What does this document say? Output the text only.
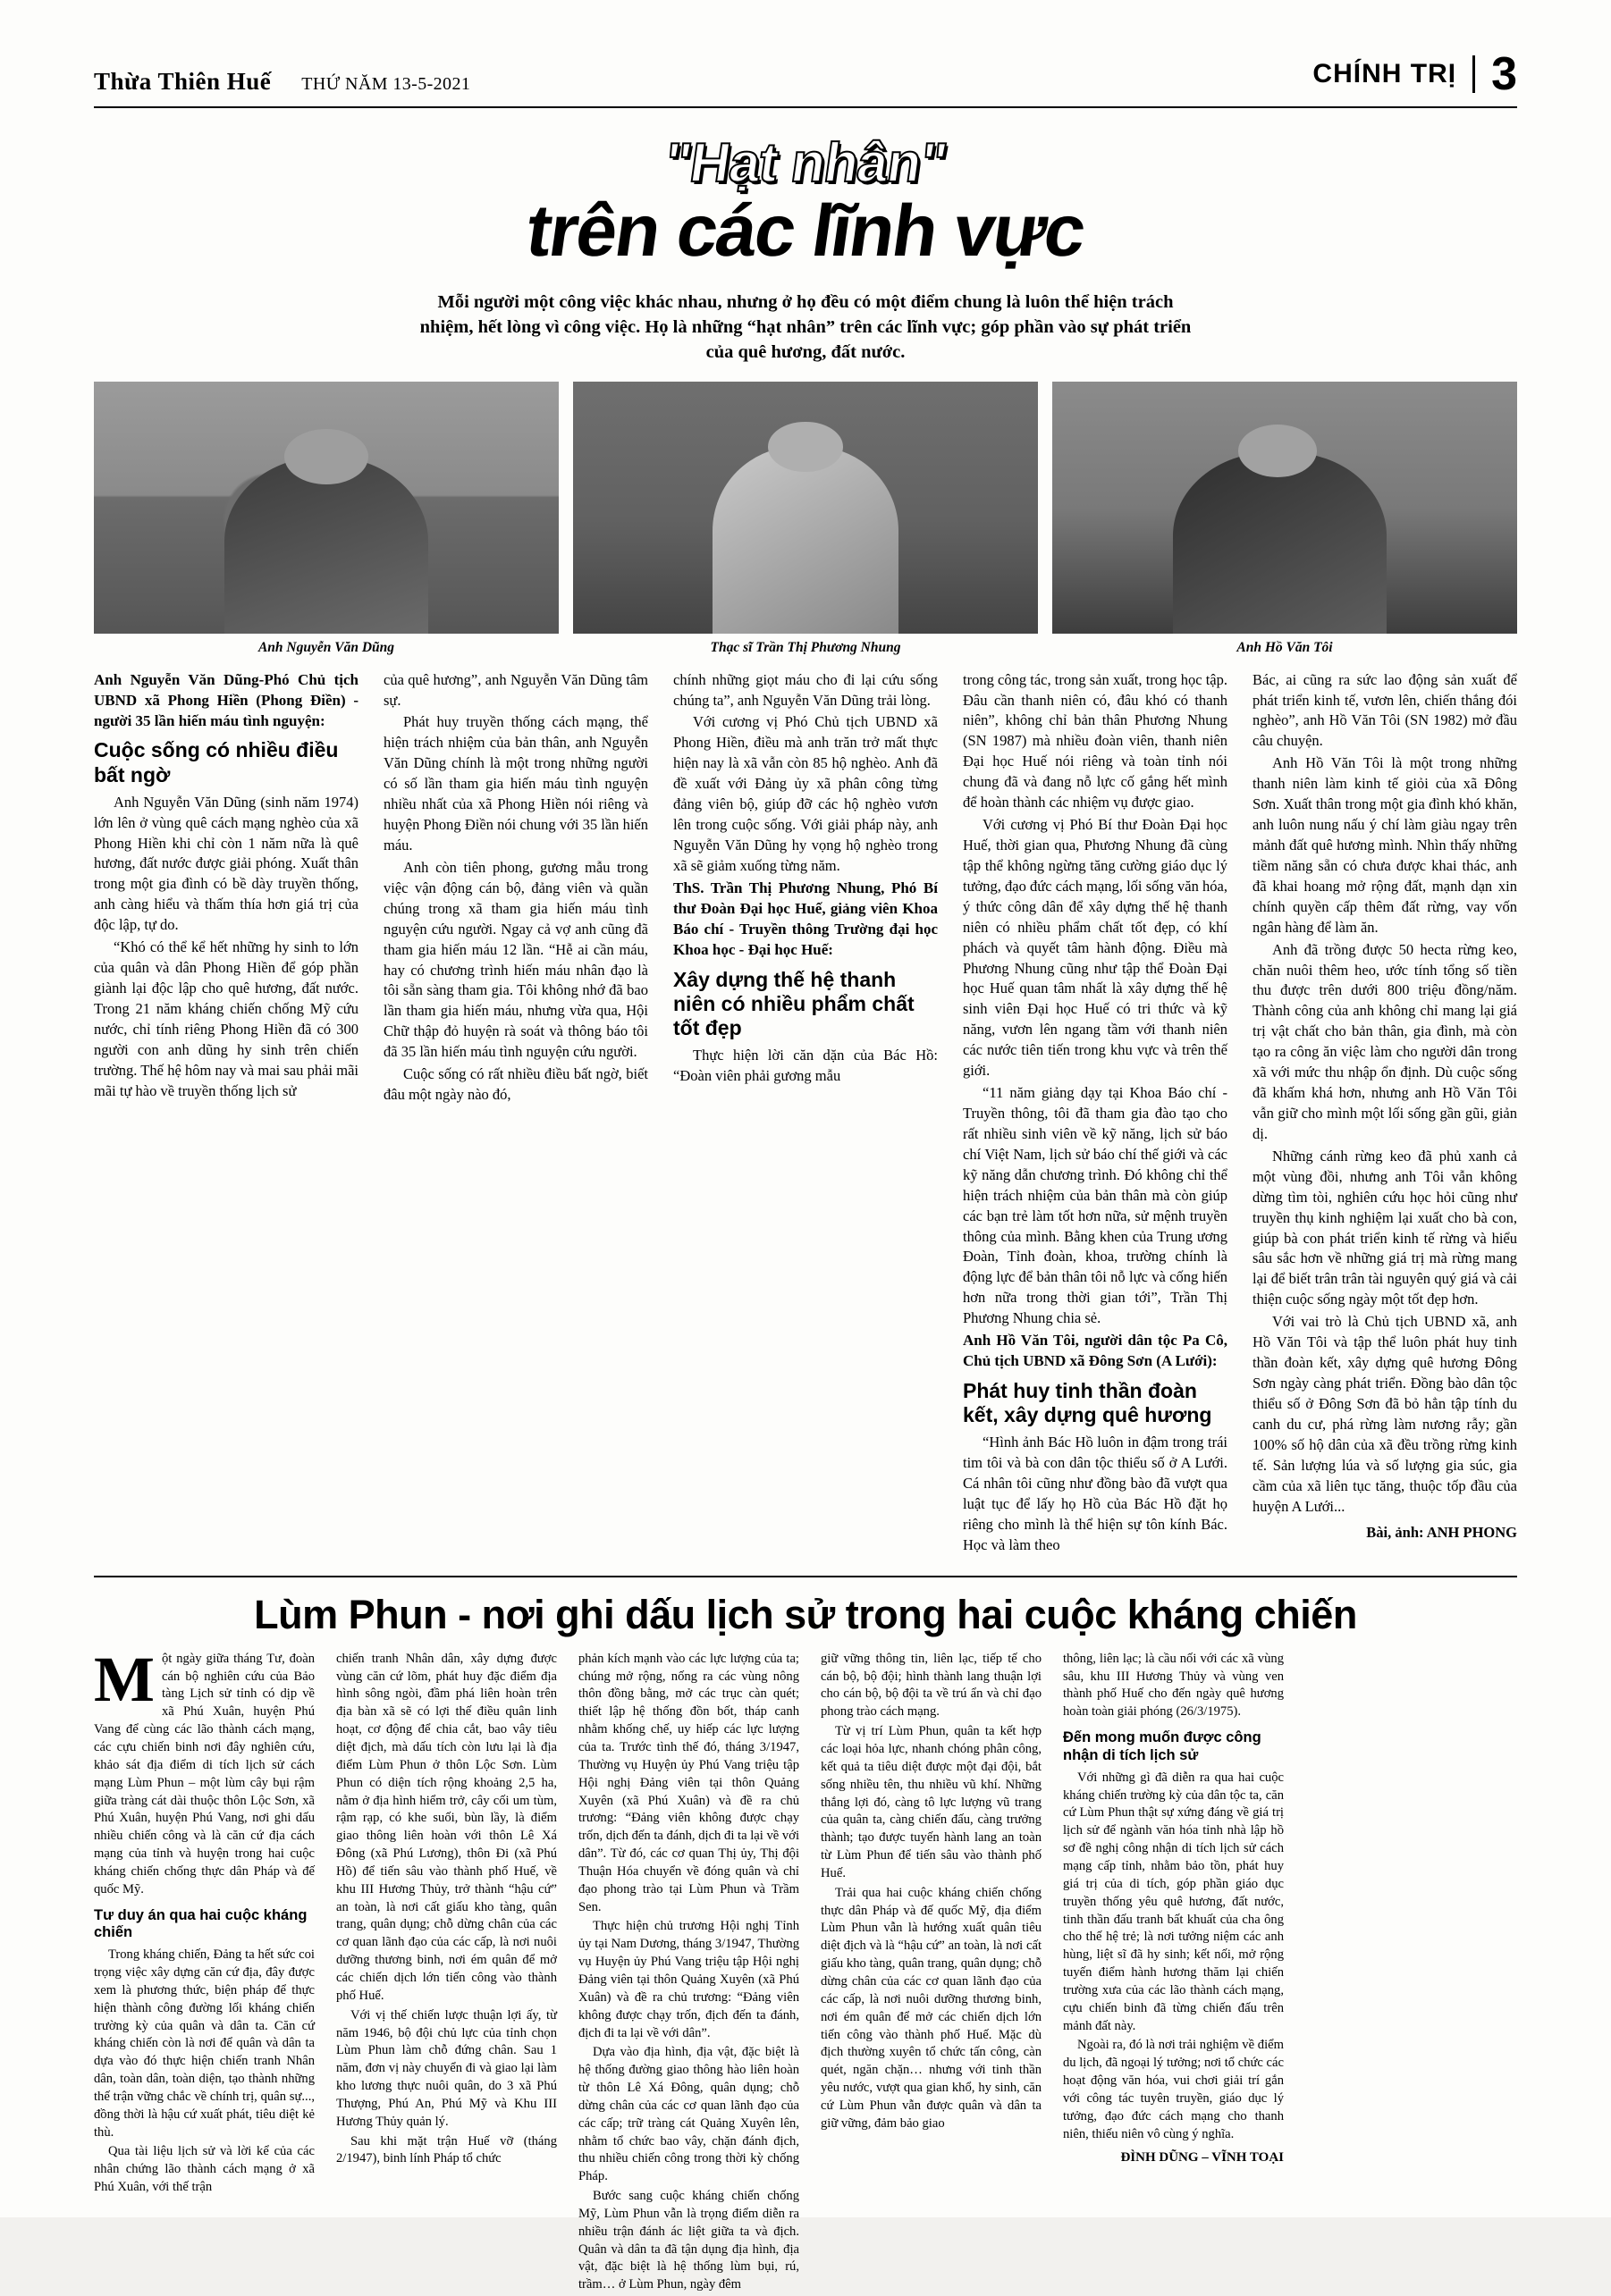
Thừa Thiên Huế THỨ NĂM 13-5-2021	CHÍNH TRỊ 3
"Hạt nhân"
trên các lĩnh vực
Mỗi người một công việc khác nhau, nhưng ở họ đều có một điểm chung là luôn thể hiện trách nhiệm, hết lòng vì công việc. Họ là những “hạt nhân” trên các lĩnh vực; góp phần vào sự phát triển của quê hương, đất nước.
Anh Nguyễn Văn Dũng	Thạc sĩ Trần Thị Phương Nhung	Anh Hồ Văn Tôi
Anh Nguyễn Văn Dũng-Phó Chủ tịch UBND xã Phong Hiền (Phong Điền) - người 35 lần hiến máu tình nguyện:
Cuộc sống có nhiều điều bất ngờ

Anh Nguyễn Văn Dũng (sinh năm 1974) lớn lên ở vùng quê cách mạng nghèo của xã Phong Hiền khi chỉ còn 1 năm nữa là quê hương, đất nước được giải phóng. Xuất thân trong một gia đình có bề dày truyền thống, anh càng hiểu và thấm thía hơn giá trị của độc lập, tự do.

“Khó có thể kể hết những hy sinh to lớn của quân và dân Phong Hiền để góp phần giành lại độc lập cho quê hương, đất nước. Trong 21 năm kháng chiến chống Mỹ cứu nước, chỉ tính riêng Phong Hiền đã có 300 người con anh dũng hy sinh trên chiến trường. Thế hệ hôm nay và mai sau phải mãi mãi tự hào về truyền thống lịch sử

của quê hương”, anh Nguyễn Văn Dũng tâm sự.

Phát huy truyền thống cách mạng, thể hiện trách nhiệm của bản thân, anh Nguyễn Văn Dũng chính là một trong những người có số lần tham gia hiến máu tình nguyện nhiều nhất của xã Phong Hiền nói riêng và huyện Phong Điền nói chung với 35 lần hiến máu.

Anh còn tiên phong, gương mẫu trong việc vận động cán bộ, đảng viên và quần chúng trong xã tham gia hiến máu tình nguyện cứu người. Ngay cả vợ anh cũng đã tham gia hiến máu 12 lần. “Hễ ai cần máu, hay có chương trình hiến máu nhân đạo là tôi sẵn sàng tham gia. Tôi không nhớ đã bao lần tham gia hiến máu, nhưng vừa qua, Hội Chữ thập đỏ huyện rà soát và thông báo tôi đã 35 lần hiến máu tình nguyện cứu người.

Cuộc sống có rất nhiều điều bất ngờ, biết đâu một ngày nào đó,

chính những giọt máu cho đi lại cứu sống chúng ta”, anh Nguyễn Văn Dũng trải lòng.

Với cương vị Phó Chủ tịch UBND xã Phong Hiền, điều mà anh trăn trở mất thực hiện nay là xã vẫn còn 85 hộ nghèo. Anh đã đề xuất với Đảng ủy xã phân công từng đảng viên bộ, giúp đỡ các hộ nghèo vươn lên trong cuộc sống. Với giải pháp này, anh Nguyễn Văn Dũng hy vọng hộ nghèo trong xã sẽ giảm xuống từng năm.

ThS. Trần Thị Phương Nhung, Phó Bí thư Đoàn Đại học Huế, giảng viên Khoa Báo chí - Truyền thông Trường đại học Khoa học - Đại học Huế:
Xây dựng thế hệ thanh niên có nhiều phẩm chất tốt đẹp

Thực hiện lời căn dặn của Bác Hồ: “Đoàn viên phải gương mẫu

trong công tác, trong sản xuất, trong học tập. Đâu cần thanh niên có, đâu khó có thanh niên”, không chỉ bản thân Phương Nhung (SN 1987) mà nhiều đoàn viên, thanh niên Đại học Huế nói riêng và toàn tỉnh nói chung đã và đang nỗ lực cố gắng hết mình để hoàn thành các nhiệm vụ được giao.

Với cương vị Phó Bí thư Đoàn Đại học Huế, thời gian qua, Phương Nhung đã cùng tập thể không ngừng tăng cường giáo dục lý tưởng, đạo đức cách mạng, lối sống văn hóa, ý thức công dân để xây dựng thế hệ thanh niên có nhiều phẩm chất tốt đẹp, có khí phách và quyết tâm hành động. Điều mà Phương Nhung cũng như tập thể Đoàn Đại học Huế quan tâm nhất là xây dựng thế hệ sinh viên Đại học Huế có tri thức và kỹ năng, vươn lên ngang tầm với thanh niên các nước tiên tiến trong khu vực và trên thế giới.

“11 năm giảng dạy tại Khoa Báo chí - Truyền thông, tôi đã tham gia đào tạo cho rất nhiều sinh viên về kỹ năng, lịch sử báo chí Việt Nam, lịch sử báo chí thế giới và các kỹ năng dẫn chương trình. Đó không chỉ thể hiện trách nhiệm của bản thân mà còn giúp các bạn trẻ làm tốt hơn nữa, sử mệnh truyền thông của mình. Bằng khen của Trung ương Đoàn, Tỉnh đoàn, khoa, trường chính là động lực để bản thân tôi nỗ lực và cống hiến hơn nữa trong thời gian tới”, Trần Thị Phương Nhung chia sẻ.

Anh Hồ Văn Tôi, người dân tộc Pa Cô, Chủ tịch UBND xã Đông Sơn (A Lưới):
Phát huy tinh thần đoàn kết, xây dựng quê hương

“Hình ảnh Bác Hồ luôn in đậm trong trái tim tôi và bà con dân tộc thiểu số ở A Lưới. Cá nhân tôi cũng như đồng bào đã vượt qua luật tục để lấy họ Hồ của Bác Hồ đặt họ riêng cho mình là thể hiện sự tôn kính Bác. Học và làm theo

Bác, ai cũng ra sức lao động sản xuất để phát triển kinh tế, vươn lên, chiến thắng đói nghèo”, anh Hồ Văn Tôi (SN 1982) mở đầu câu chuyện.

Anh Hồ Văn Tôi là một trong những thanh niên làm kinh tế giỏi của xã Đông Sơn. Xuất thân trong một gia đình khó khăn, anh luôn nung nấu ý chí làm giàu ngay trên mảnh đất quê hương mình. Nhìn thấy những tiềm năng sẵn có chưa được khai thác, anh đã khai hoang mở rộng đất, mạnh dạn xin chính quyền cấp thêm đất rừng, vay vốn ngân hàng để làm ăn.

Anh đã trồng được 50 hecta rừng keo, chăn nuôi thêm heo, ước tính tổng số tiền thu được trên dưới 800 triệu đồng/năm. Thành công của anh không chỉ mang lại giá trị vật chất cho bản thân, gia đình, mà còn tạo ra công ăn việc làm cho người dân trong xã với mức thu nhập ổn định. Dù cuộc sống đã khấm khá hơn, nhưng anh Hồ Văn Tôi vẫn giữ cho mình một lối sống gần gũi, giản dị.

Những cánh rừng keo đã phủ xanh cả một vùng đồi, nhưng anh Tôi vẫn không dừng tìm tòi, nghiên cứu học hỏi cũng như truyền thụ kinh nghiệm lại xuất cho bà con, giúp bà con phát triển kinh tế rừng và hiểu sâu sắc hơn về những giá trị mà rừng mang lại để biết trân trân tài nguyên quý giá và cải thiện cuộc sống ngày một tốt đẹp hơn.

Với vai trò là Chủ tịch UBND xã, anh Hồ Văn Tôi và tập thể luôn phát huy tinh thần đoàn kết, xây dựng quê hương Đông Sơn ngày càng phát triển. Đồng bào dân tộc thiểu số ở Đông Sơn đã bỏ hẳn tập tính du canh du cư, phá rừng làm nương rẫy; gần 100% số hộ dân của xã đều trồng rừng kinh tế. Sản lượng lúa và số lượng gia súc, gia cầm của xã liên tục tăng, thuộc tốp đầu của huyện A Lưới...

Bài, ảnh: ANH PHONG
Lùm Phun - nơi ghi dấu lịch sử trong hai cuộc kháng chiến

Một ngày giữa tháng Tư, đoàn cán bộ nghiên cứu của Bảo tàng Lịch sử tỉnh có dịp về xã Phú Xuân, huyện Phú Vang để cùng các lão thành cách mạng, các cựu chiến binh nơi đây nghiên cứu, khảo sát địa điểm di tích lịch sử cách mạng Lùm Phun – một lùm cây bụi rậm giữa tràng cát dài thuộc thôn Lộc Sơn, xã Phú Xuân, huyện Phú Vang, nơi ghi dấu nhiều chiến công và là căn cứ địa cách mạng của tỉnh và huyện trong hai cuộc kháng chiến chống thực dân Pháp và đế quốc Mỹ.

Tư duy án qua hai cuộc kháng chiến

Trong kháng chiến, Đảng ta hết sức coi trọng việc xây dựng căn cứ địa, đây được xem là phương thức, biện pháp để thực hiện thành công đường lối kháng chiến trường kỳ của quân và dân ta. Căn cứ kháng chiến còn là nơi để quân và dân ta dựa vào đó thực hiện chiến tranh Nhân dân, toàn dân, toàn diện, tạo thành những thế trận vững chắc về chính trị, quân sự..., đồng thời là hậu cứ xuất phát, tiêu diệt kẻ thù.

Qua tài liệu lịch sử và lời kể của các nhân chứng lão thành cách mạng ở xã Phú Xuân, với thế trận

chiến tranh Nhân dân, xây dựng được vùng căn cứ lõm, phát huy đặc điểm địa hình sông ngòi, đầm phá liên hoàn trên địa bàn xã sẽ có lợi thế điều quân linh hoạt, cơ động để chia cắt, bao vây tiêu diệt địch, mà dấu tích còn lưu lại là địa điểm Lùm Phun ở thôn Lộc Sơn. Lùm Phun có diện tích rộng khoảng 2,5 ha, nằm ở địa hình hiểm trở, cây cối um tùm, rậm rạp, có khe suối, bùn lầy, là điểm giao thông liên hoàn với thôn Lê Xá Đông (xã Phú Lương), thôn Đi (xã Phú Hồ) để tiến sâu vào thành phố Huế, về khu III Hương Thủy, trở thành “hậu cứ” an toàn, là nơi cất giấu kho tàng, quân trang, quân dụng; chỗ dừng chân của các cơ quan lãnh đạo của các cấp, là nơi nuôi dưỡng thương binh, nơi ém quân để mở các chiến dịch lớn tiến công vào thành phố Huế.

Với vị thế chiến lược thuận lợi ấy, từ năm 1946, bộ đội chủ lực của tỉnh chọn Lùm Phun làm chỗ đứng chân. Sau 1 năm, đơn vị này chuyển đi và giao lại làm kho lương thực nuôi quân, do 3 xã Phú Thượng, Phú An, Phú Mỹ và Khu III Hương Thủy quản lý.

Sau khi mặt trận Huế vỡ (tháng 2/1947), binh lính Pháp tổ chức

phản kích mạnh vào các lực lượng của ta; chúng mở rộng, nống ra các vùng nông thôn đồng bằng, mở các trục càn quét; thiết lập hệ thống đồn bốt, tháp canh nhằm khống chế, uy hiếp các lực lượng của ta. Trước tình thế đó, tháng 3/1947, Thường vụ Huyện ủy Phú Vang triệu tập Hội nghị Đảng viên tại thôn Quảng Xuyên (xã Phú Xuân) và đề ra chủ trương: “Đảng viên không được chạy trốn, dịch đến ta đánh, dịch đi ta lại về với dân”. Từ đó, các cơ quan Thị ủy, Thị đội Thuận Hóa chuyển về đóng quân và chỉ đạo phong trào tại Lùm Phun và Trầm Sen.

Thực hiện chủ trương Hội nghị Tỉnh ủy tại Nam Dương, tháng 3/1947, Thường vụ Huyện ủy Phú Vang triệu tập Hội nghị Đảng viên tại thôn Quảng Xuyên (xã Phú Xuân) và đề ra chủ trương: “Đảng viên không được chạy trốn, địch đến ta đánh, địch đi ta lại về với dân”.

Dựa vào địa hình, địa vật, đặc biệt là hệ thống đường giao thông hào liên hoàn từ thôn Lê Xá Đông, quân dụng; chỗ dừng chân của các cơ quan lãnh đạo của các cấp; trữ tràng cát Quảng Xuyên lên, nhằm tổ chức bao vây, chặn đánh địch, thu nhiều chiến công trong thời kỳ chống Pháp.

Bước sang cuộc kháng chiến chống Mỹ, Lùm Phun vẫn là trọng điểm diễn ra nhiều trận đánh ác liệt giữa ta và địch. Quân và dân ta đã tận dụng địa hình, địa vật, đặc biệt là hệ thống lùm bụi, rú, trầm… ở Lùm Phun, ngày đêm

giữ vững thông tin, liên lạc, tiếp tế cho cán bộ, bộ đội; hình thành lang thuận lợi cho cán bộ, bộ đội ta về trú ẩn và chỉ đạo phong trào cách mạng.

Từ vị trí Lùm Phun, quân ta kết hợp các loại hỏa lực, nhanh chóng phân công, kết quả ta tiêu diệt được một đại đội, bắt sống nhiều tên, thu nhiều vũ khí. Những thắng lợi đó, càng tô lực lượng vũ trang của quân ta, càng chiến đấu, càng trưởng thành; tạo được tuyến hành lang an toàn từ Lùm Phun để tiến sâu vào thành phố Huế.

Trải qua hai cuộc kháng chiến chống thực dân Pháp và đế quốc Mỹ, địa điểm Lùm Phun vẫn là hướng xuất quân tiêu diệt địch và là “hậu cứ” an toàn, là nơi cất giấu kho tàng, quân trang, quân dụng; chỗ dừng chân của các cơ quan lãnh đạo của các cấp, là nơi nuôi dưỡng thương binh, nơi ém quân để mở các chiến dịch lớn tiến công vào thành phố Huế. Mặc dù địch thường xuyên tổ chức tấn công, càn quét, ngăn chặn… nhưng với tinh thần yêu nước, vượt qua gian khổ, hy sinh, căn cứ Lùm Phun vẫn được quân và dân ta giữ vững, đảm bảo giao

thông, liên lạc; là cầu nối với các xã vùng sâu, khu III Hương Thủy và vùng ven thành phố Huế cho đến ngày quê hương hoàn toàn giải phóng (26/3/1975).

Đến mong muốn được công nhận di tích lịch sử

Với những gì đã diễn ra qua hai cuộc kháng chiến trường kỳ của dân tộc ta, căn cứ Lùm Phun thật sự xứng đáng về giá trị lịch sử để ngành văn hóa tỉnh nhà lập hồ sơ đề nghị công nhận di tích lịch sử cách mạng cấp tỉnh, nhằm bảo tồn, phát huy giá trị của di tích, góp phần giáo dục truyền thống yêu quê hương, đất nước, tinh thần đấu tranh bất khuất của cha ông cho thế hệ trẻ; là nơi tưởng niệm các anh hùng, liệt sĩ đã hy sinh; kết nối, mở rộng tuyến điểm hành hương thăm lại chiến trường xưa của các lão thành cách mạng, cựu chiến binh đã từng chiến đấu trên mảnh đất này.

Ngoài ra, đó là nơi trải nghiệm về điểm du lịch, đã ngoại lý tưởng; nơi tổ chức các hoạt động văn hóa, vui chơi giải trí gắn với công tác tuyên truyền, giáo dục lý tưởng, đạo đức cách mạng cho thanh niên, thiếu niên vô cùng ý nghĩa.

ĐÌNH DŨNG – VĨNH TOẠI
